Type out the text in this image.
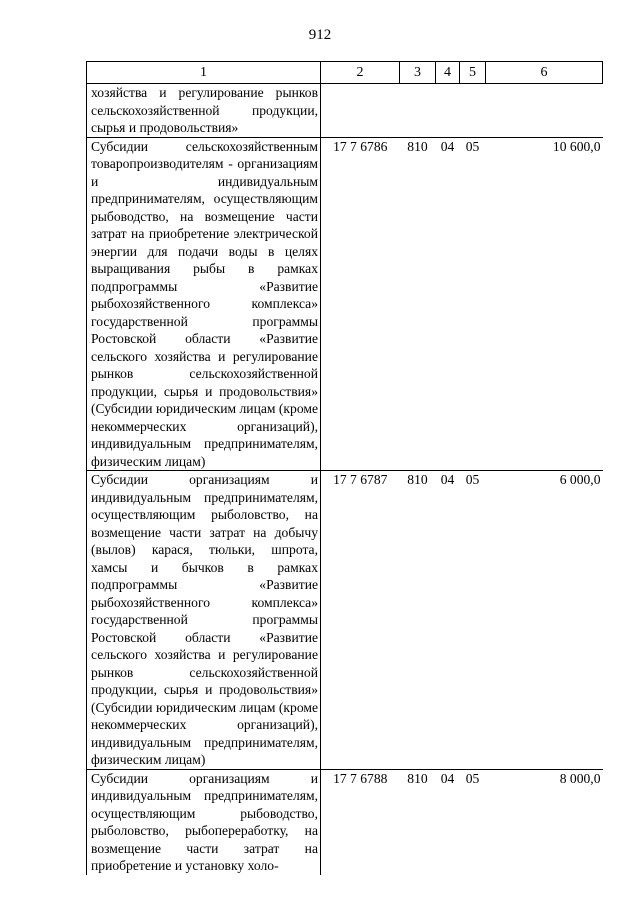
912
1	2	3	4	5	6
хозяйства и регулирование рынков сельскохозяйственной продукции, сырья и продовольствия»					
Субсидии сельскохозяйственным товаропроизводителям - организациям и индивидуальным предпринимателям, осуществляющим рыбоводство, на возмещение части затрат на приобретение электрической энергии для подачи воды в целях выращивания рыбы в рамках подпрограммы «Развитие рыбохозяйственного комплекса» государственной программы Ростовской области «Развитие сельского хозяйства и регулирование рынков сельскохозяйственной продукции, сырья и продовольствия» (Субсидии юридическим лицам (кроме некоммерческих организаций), индивидуальным предпринимателям, физическим лицам)	17 7 6786	810	04	05	10 600,0
Субсидии организациям и индивидуальным предпринимателям, осуществляющим рыболовство, на возмещение части затрат на добычу (вылов) карася, тюльки, шпрота, хамсы и бычков в рамках подпрограммы «Развитие рыбохозяйственного комплекса» государственной программы Ростовской области «Развитие сельского хозяйства и регулирование рынков сельскохозяйственной продукции, сырья и продовольствия» (Субсидии юридическим лицам (кроме некоммерческих организаций), индивидуальным предпринимателям, физическим лицам)	17 7 6787	810	04	05	6 000,0
Субсидии организациям и индивидуальным предпринимателям, осуществляющим рыбоводство, рыболовство, рыбопереработку, на возмещение части затрат на приобретение и установку холо-	17 7 6788	810	04	05	8 000,0
